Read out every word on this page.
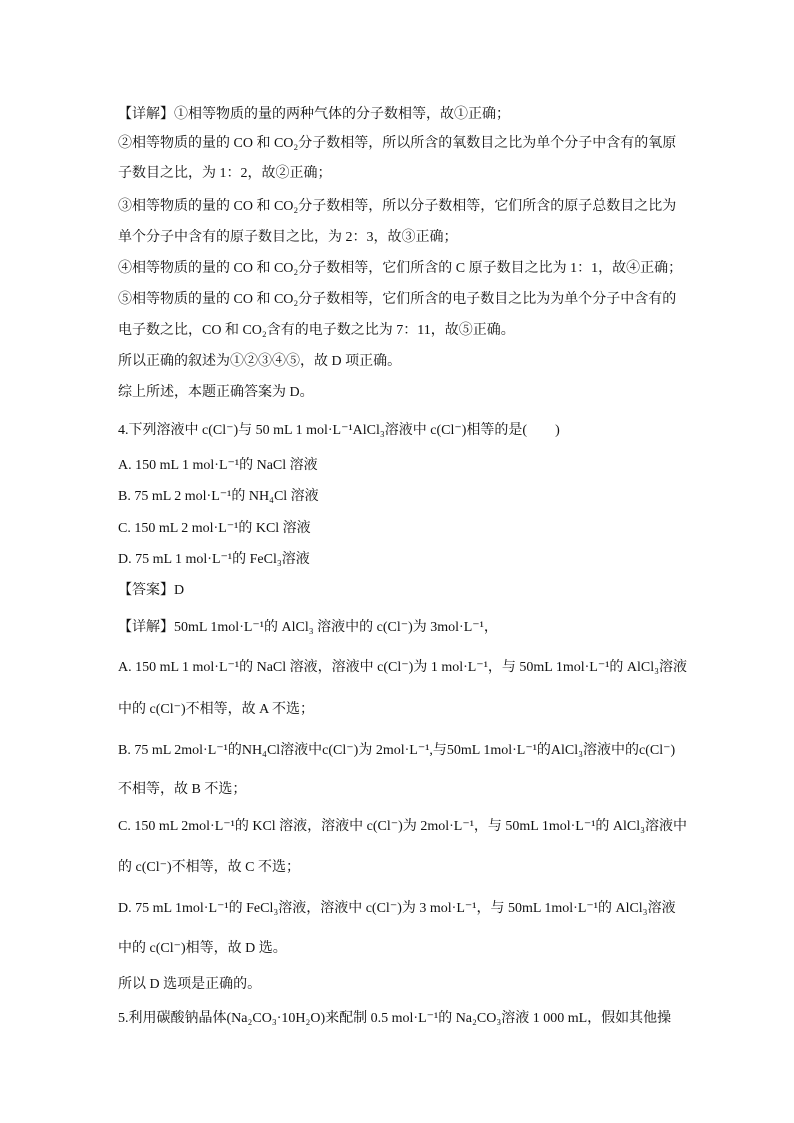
【详解】①相等物质的量的两种气体的分子数相等，故①正确；
②相等物质的量的 CO 和 CO₂分子数相等，所以所含的氧数目之比为单个分子中含有的氧原
子数目之比，为 1：2，故②正确；
③相等物质的量的 CO 和 CO₂分子数相等，所以分子数相等，它们所含的原子总数目之比为
单个分子中含有的原子数目之比，为 2：3，故③正确；
④相等物质的量的 CO 和 CO₂分子数相等，它们所含的 C 原子数目之比为 1：1，故④正确；
⑤相等物质的量的 CO 和 CO₂分子数相等，它们所含的电子数目之比为为单个分子中含有的
电子数之比，CO 和 CO₂含有的电子数之比为 7：11，故⑤正确。
所以正确的叙述为①②③④⑤，故 D 项正确。
综上所述，本题正确答案为 D。
4.下列溶液中 c(Cl⁻)与 50 mL 1 mol·L⁻¹AlCl₃溶液中 c(Cl⁻)相等的是(　　)
A. 150 mL 1 mol·L⁻¹的 NaCl 溶液
B. 75 mL 2 mol·L⁻¹的 NH₄Cl 溶液
C. 150 mL 2 mol·L⁻¹的 KCl 溶液
D. 75 mL 1 mol·L⁻¹的 FeCl₃溶液
【答案】D
【详解】50mL 1mol·L⁻¹的 AlCl₃ 溶液中的 c(Cl⁻)为 3mol·L⁻¹，
A. 150 mL 1 mol·L⁻¹的 NaCl 溶液，溶液中 c(Cl⁻)为 1 mol·L⁻¹，与 50mL 1mol·L⁻¹的 AlCl₃溶液
中的 c(Cl⁻)不相等，故 A 不选；
B. 75 mL 2mol·L⁻¹的NH₄Cl溶液中c(Cl⁻)为 2mol·L⁻¹,与50mL 1mol·L⁻¹的AlCl₃溶液中的c(Cl⁻)
不相等，故 B 不选；
C. 150 mL 2mol·L⁻¹的 KCl 溶液，溶液中 c(Cl⁻)为 2mol·L⁻¹，与 50mL 1mol·L⁻¹的 AlCl₃溶液中
的 c(Cl⁻)不相等，故 C 不选；
D. 75 mL 1mol·L⁻¹的 FeCl₃溶液，溶液中 c(Cl⁻)为 3 mol·L⁻¹，与 50mL 1mol·L⁻¹的 AlCl₃溶液
中的 c(Cl⁻)相等，故 D 选。
所以 D 选项是正确的。
5.利用碳酸钠晶体(Na₂CO₃·10H₂O)来配制 0.5 mol·L⁻¹的 Na₂CO₃溶液 1 000 mL，假如其他操
